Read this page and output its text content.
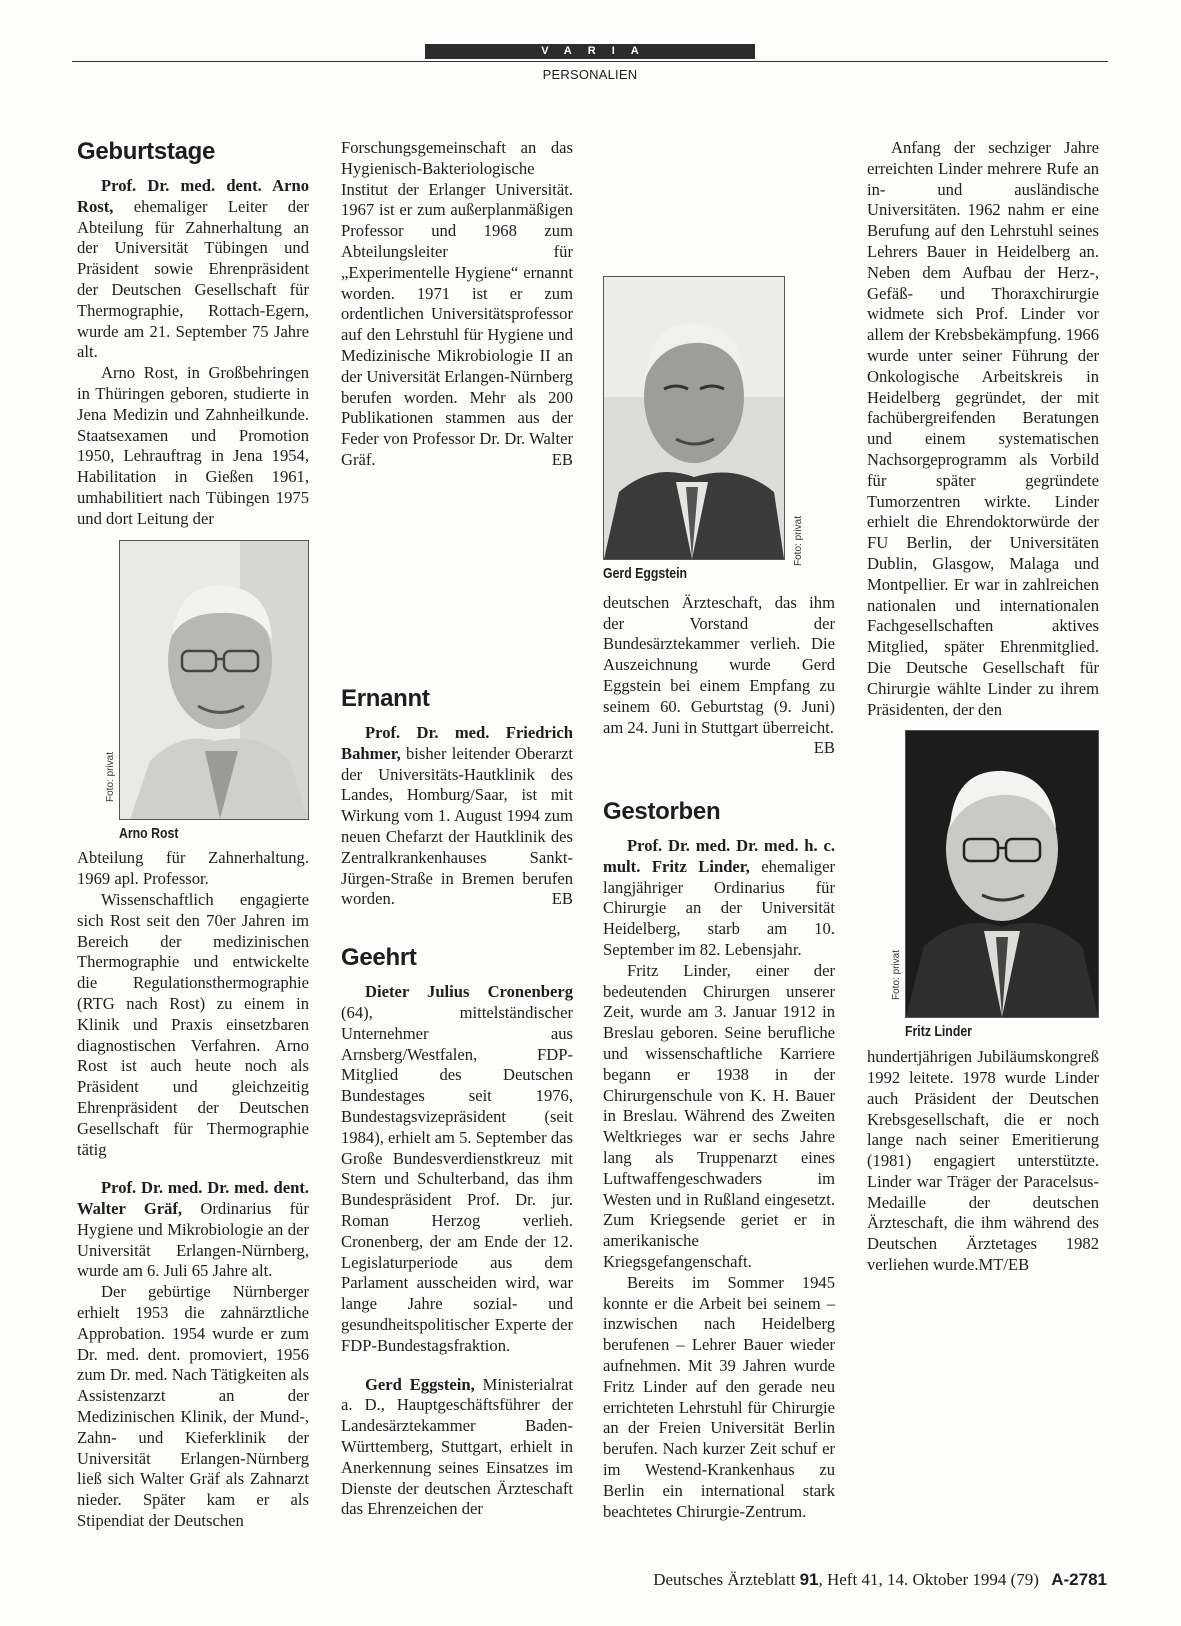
VARIA
PERSONALIEN
Geburtstage

Prof. Dr. med. dent. Arno Rost, ehemaliger Leiter der Abteilung für Zahnerhaltung an der Universität Tübingen und Präsident sowie Ehrenpräsident der Deutschen Gesellschaft für Thermographie, Rottach-Egern, wurde am 21. September 75 Jahre alt.

Arno Rost, in Großbehringen in Thüringen geboren, studierte in Jena Medizin und Zahnheilkunde. Staatsexamen und Promotion 1950, Lehrauftrag in Jena 1954, Habilitation in Gießen 1961, umhabilitiert nach Tübingen 1975 und dort Leitung der

Foto: privat
Arno Rost

Abteilung für Zahnerhaltung. 1969 apl. Professor.

Wissenschaftlich engagierte sich Rost seit den 70er Jahren im Bereich der medizinischen Thermographie und entwickelte die Regulationsthermographie (RTG nach Rost) zu einem in Klinik und Praxis einsetzbaren diagnostischen Verfahren. Arno Rost ist auch heute noch als Präsident und gleichzeitig Ehrenpräsident der Deutschen Gesellschaft für Thermographie tätig

Prof. Dr. med. Dr. med. dent. Walter Gräf, Ordinarius für Hygiene und Mikrobiologie an der Universität Erlangen-Nürnberg, wurde am 6. Juli 65 Jahre alt.

Der gebürtige Nürnberger erhielt 1953 die zahnärztliche Approbation. 1954 wurde er zum Dr. med. dent. promoviert, 1956 zum Dr. med. Nach Tätigkeiten als Assistenzarzt an der Medizinischen Klinik, der Mund-, Zahn- und Kieferklinik der Universität Erlangen-Nürnberg ließ sich Walter Gräf als Zahnarzt nieder. Später kam er als Stipendiat der Deutschen

Forschungsgemeinschaft an das Hygienisch-Bakteriologische Institut der Erlanger Universität. 1967 ist er zum außerplanmäßigen Professor und 1968 zum Abteilungsleiter für „Experimentelle Hygiene“ ernannt worden. 1971 ist er zum ordentlichen Universitätsprofessor auf den Lehrstuhl für Hygiene und Medizinische Mikrobiologie II an der Universität Erlangen-Nürnberg berufen worden. Mehr als 200 Publikationen stammen aus der Feder von Professor Dr. Dr. Walter Gräf.	EB

Gestorben

Prof. Dr. med. Dr. med. h. c. mult. Fritz Linder, ehemaliger langjähriger Ordinarius für Chirurgie an der Universität Heidelberg, starb am 10. September im 82. Lebensjahr.

Fritz Linder, einer der bedeutenden Chirurgen unserer Zeit, wurde am 3. Januar 1912 in Breslau geboren. Seine berufliche und wissenschaftliche Karriere begann er 1938 in der Chirurgenschule von K. H. Bauer in Breslau. Während des Zweiten Weltkrieges war er sechs Jahre lang als Truppenarzt eines Luftwaffengeschwaders im Westen und in Rußland eingesetzt. Zum Kriegsende geriet er in amerikanische Kriegsgefangenschaft.

Bereits im Sommer 1945 konnte er die Arbeit bei seinem – inzwischen nach Heidelberg berufenen – Lehrer Bauer wieder aufnehmen. Mit 39 Jahren wurde Fritz Linder auf den gerade neu errichteten Lehrstuhl für Chirurgie an der Freien Universität Berlin berufen. Nach kurzer Zeit schuf er im Westend-Krankenhaus zu Berlin ein international stark beachtetes Chirurgie-Zentrum.

Ernannt

Prof. Dr. med. Friedrich Bahmer, bisher leitender Oberarzt der Universitäts-Hautklinik des Landes, Homburg/Saar, ist mit Wirkung vom 1. August 1994 zum neuen Chefarzt der Hautklinik des Zentralkrankenhauses Sankt-Jürgen-Straße in Bremen berufen worden.	EB

Geehrt

Dieter Julius Cronenberg (64), mittelständischer Unternehmer aus Arnsberg/Westfalen, FDP-Mitglied des Deutschen Bundestages seit 1976, Bundestagsvizepräsident (seit 1984), erhielt am 5. September das Große Bundesverdienstkreuz mit Stern und Schulterband, das ihm Bundespräsident Prof. Dr. jur. Roman Herzog verlieh. Cronenberg, der am Ende der 12. Legislaturperiode aus dem Parlament ausscheiden wird, war lange Jahre sozial- und gesundheitspolitischer Experte der FDP-Bundestagsfraktion.

Gerd Eggstein, Ministerialrat a. D., Hauptgeschäftsführer der Landesärztekammer Baden-Württemberg, Stuttgart, erhielt in Anerkennung seines Einsatzes im Dienste der deutschen Ärzteschaft das Ehrenzeichen der

Foto: privat
Gerd Eggstein

deutschen Ärzteschaft, das ihm der Vorstand der Bundesärztekammer verlieh. Die Auszeichnung wurde Gerd Eggstein bei einem Empfang zu seinem 60. Geburtstag (9. Juni) am 24. Juni in Stuttgart überreicht.
EB

Anfang der sechziger Jahre erreichten Linder mehrere Rufe an in- und ausländische Universitäten. 1962 nahm er eine Berufung auf den Lehrstuhl seines Lehrers Bauer in Heidelberg an. Neben dem Aufbau der Herz-, Gefäß- und Thoraxchirurgie widmete sich Prof. Linder vor allem der Krebsbekämpfung. 1966 wurde unter seiner Führung der Onkologische Arbeitskreis in Heidelberg gegründet, der mit fachübergreifenden Beratungen und einem systematischen Nachsorgeprogramm als Vorbild für später gegründete Tumorzentren wirkte. Linder erhielt die Ehrendoktorwürde der FU Berlin, der Universitäten Dublin, Glasgow, Malaga und Montpellier. Er war in zahlreichen nationalen und internationalen Fachgesellschaften aktives Mitglied, später Ehrenmitglied. Die Deutsche Gesellschaft für Chirurgie wählte Linder zu ihrem Präsidenten, der den

Foto: privat
Fritz Linder

hundertjährigen Jubiläumskongreß 1992 leitete. 1978 wurde Linder auch Präsident der Deutschen Krebsgesellschaft, die er noch lange nach seiner Emeritierung (1981) engagiert unterstützte. Linder war Träger der Paracelsus-Medaille der deutschen Ärzteschaft, die ihm während des Deutschen Ärztetages 1982 verliehen wurde.MT/EB

Deutsches Ärzteblatt 91, Heft 41, 14. Oktober 1994 (79) A-2781
